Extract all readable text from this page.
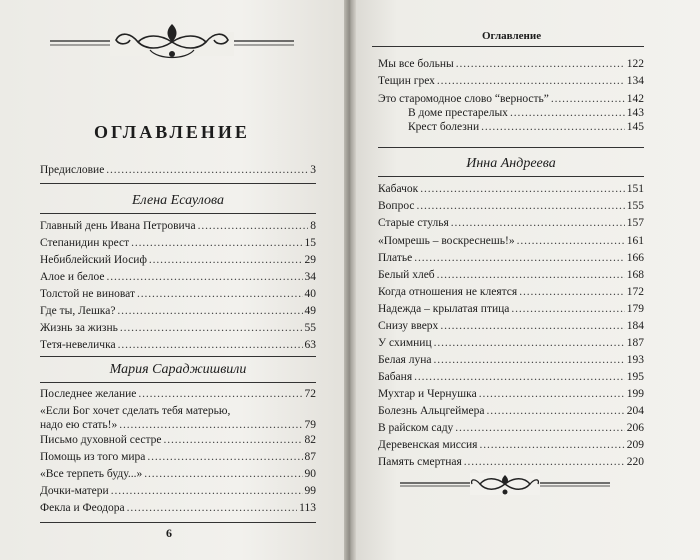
ОГЛАВЛЕНИЕ
Предисловие . . .	3
Елена Есаулова
Главный день Ивана Петровича . . .	8
Степанидин крест . . .	15
Небиблейский Иосиф . . .	29
Алое и белое . . .	34
Толстой не виноват . . .	40
Где ты, Лешка? . . .	49
Жизнь за жизнь . . .	55
Тетя-невеличка . . .	63
Мария Сараджишвили
Последнее желание . . .	72
«Если Бог хочет сделать тебя матерью,
надо ею стать!» . . .	79
Письмо духовной сестре . . .	82
Помощь из того мира . . .	87
«Все терпеть буду...» . . .	90
Дочки-матери . . .	99
Фекла и Феодора . . .	113
6
Оглавление
Мы все больны . . .	122
Тещин грех . . .	134
Это старомодное слово “верность” . . .	142
В доме престарелых . . .	143
Крест болезни . . .	145
Инна Андреева
Кабачок . . .	151
Вопрос . . .	155
Старые стулья . . .	157
«Помрешь – воскреснешь!» . . .	161
Платье . . .	166
Белый хлеб . . .	168
Когда отношения не клеятся . . .	172
Надежда – крылатая птица . . .	179
Снизу вверх . . .	184
У схимниц . . .	187
Белая луна . . .	193
Бабаня . . .	195
Мухтар и Чернушка . . .	199
Болезнь Альцгеймера . . .	204
В райском саду . . .	206
Деревенская миссия . . .	209
Память смертная . . .	220
